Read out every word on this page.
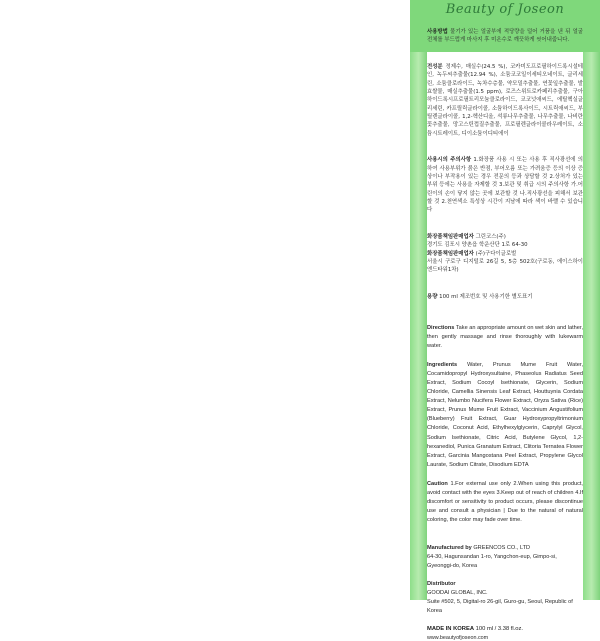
Beauty of Joseon
사용방법 물기가 있는 얼굴부에 적당량을 덜어 거품을 낸 뒤 얼굴 전체를 부드럽게 마사지 후 미온수로 깨끗하게 씻어내줍니다.
전성분 정제수, 매실수(24.5 %), 코카미도프로필하이드록시설테인, 녹두씨추출물(12.94 %), 소듐코코일이세티오네이트, 글리세린, 소듐클로라이드, 녹차수층물, 약모밀추출물, 연꽃잎추출물, 발효쌀물, 매실추출물(1.5 ppm), 로즈스위트로카페리추출물, 구아하이드록시프로필트리모늄클로라이드, 코코넛애씨드, 에틸헥실글리세린, 카프릴릭글라이콜, 소듐하이드록사이드, 시트릭애씨드, 부틸렌글라이콜, 1,2-헥산디올, 석류나무추출물, 나무추출물, 나비란꽃추출물, 망고스틴껍질추출물, 프로필렌글라이콜라우레이트, 소듐시트레이트, 디이소듐이디티에이
사용시의 주의사항 1.화장품 사용 시 또는 사용 후 직사광선에 의하여 사용부위가 붉은 반점, 부어오름 또는 가려움증 등의 이상 증상이나 부작용이 있는 경우 전문의 등과 상담할 것 2.상처가 있는 부위 등에는 사용을 자제할 것 3.보관 및 취급 시의 주의사항 가.어린이의 손이 닿지 않는 곳에 보관할 것 나.직사광선을 피해서 보관할 것 2.천연색소 특성상 시간이 지남에 따라 색이 바랠 수 있습니다
화장품책임판매업자 그린코스(주)
경기도 김포시 양촌읍 학운산단 1로 64-30
화장품책임판매업자 (주)구다이글로벌
서울시 구로구 디지털로 26길 5, 5층 502호(구로동, 에이스하이엔드타워1차)
용량 100 ml 제조번호 및 사용기한 별도표기
Directions Take an appropriate amount on wet skin and lather, then gently massage and rinse thoroughly with lukewarm water.
Ingredients Water, Prunus Mume Fruit Water, Cocamidopropyl Hydroxysultaine, Phaseolus Radiatus Seed Extract, Sodium Cocoyl Isethionate, Glycerin, Sodium Chloride, Camellia Sinensis Leaf Extract, Houttuynia Cordata Extract, Nelumbo Nucifera Flower Extract, Oryza Sativa (Rice) Extract, Prunus Mume Fruit Extract, Vaccinium Angustifolium (Blueberry) Fruit Extract, Guar Hydroxypropyltrimonium Chloride, Coconut Acid, Ethylhexylglycerin, Caprylyl Glycol, Sodium Isethionate, Citric Acid, Butylene Glycol, 1,2-hexanediol, Punica Granatum Extract, Clitoria Ternatea Flower Extract, Garcinia Mangostana Peel Extract, Propylene Glycol Laurate, Sodium Citrate, Disodium EDTA
Caution 1.For external use only 2.When using this product, avoid contact with the eyes 3.Keep out of reach of children 4.If discomfort or sensitivity to product occurs, please discontinue use and consult a physician | Due to the natural of natural coloring, the color may fade over time.
Manufactured by GREENCOS CO., LTD
64-30, Hagunsandan 1-ro, Yangchon-eup, Gimpo-si, Gyeonggi-do, Korea
Distributor
GOODAI GLOBAL, INC.
Suite #502, 5, Digital-ro 26-gil, Guro-gu, Seoul, Republic of Korea
MADE IN KOREA 100 ml / 3.38 fl.oz.
www.beautyofjoseon.com
